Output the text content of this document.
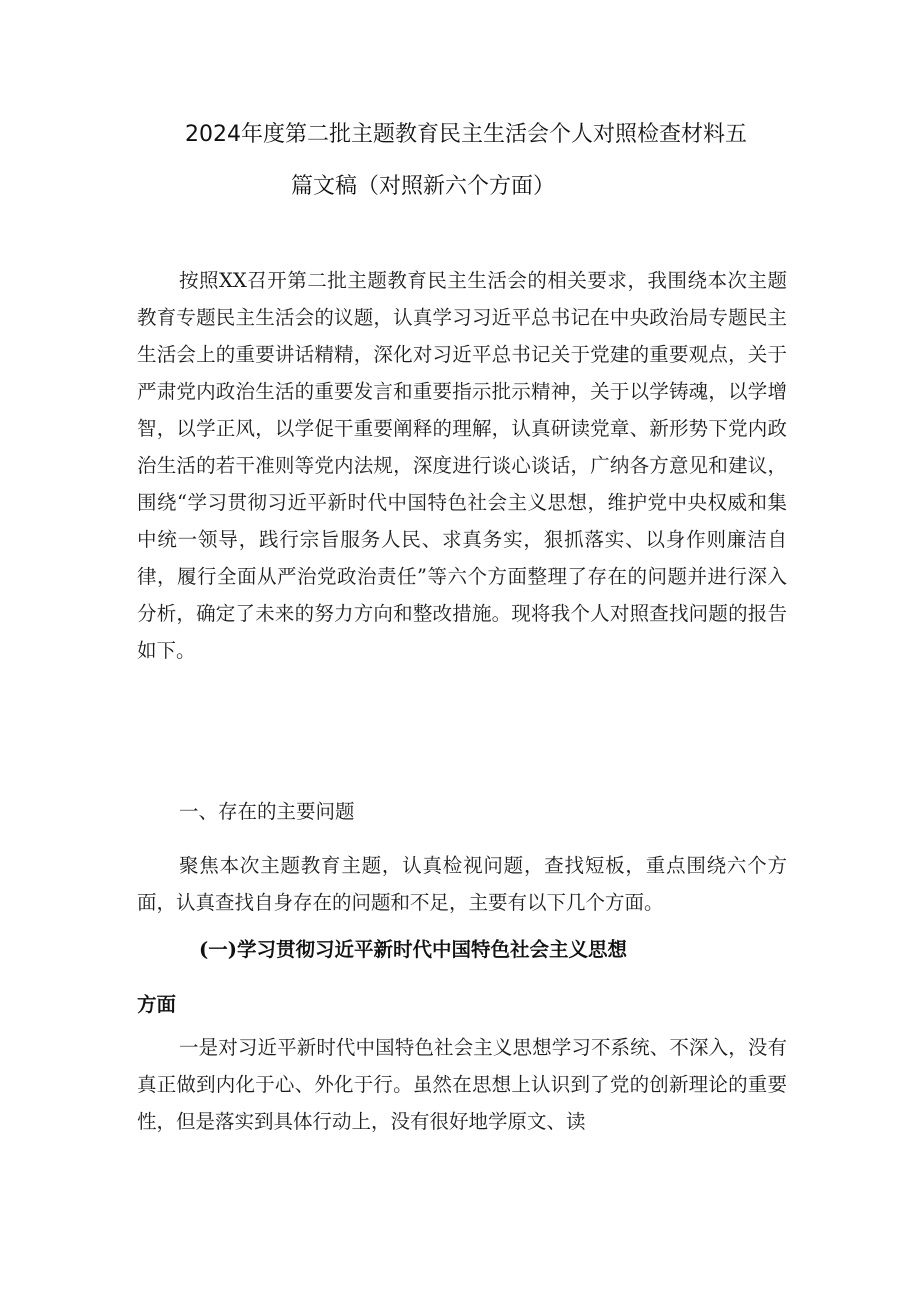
2024年度第二批主题教育民主生活会个人对照检查材料五
篇文稿（对照新六个方面）

按照XX召开第二批主题教育民主生活会的相关要求，我围绕本次主题教育专题民主生活会的议题，认真学习习近平总书记在中央政治局专题民主生活会上的重要讲话精精，深化对习近平总书记关于党建的重要观点，关于严肃党内政治生活的重要发言和重要指示批示精神，关于以学铸魂，以学增智，以学正风，以学促干重要阐释的理解，认真研读党章、新形势下党内政治生活的若干准则等党内法规，深度进行谈心谈话，广纳各方意见和建议，围绕“学习贯彻习近平新时代中国特色社会主义思想，维护党中央权威和集中统一领导，践行宗旨服务人民、求真务实，狠抓落实、以身作则廉洁自律，履行全面从严治党政治责任”等六个方面整理了存在的问题并进行深入分析，确定了未来的努力方向和整改措施。现将我个人对照查找问题的报告如下。

一、存在的主要问题

聚焦本次主题教育主题，认真检视问题，查找短板，重点围绕六个方面，认真查找自身存在的问题和不足，主要有以下几个方面。

(一)学习贯彻习近平新时代中国特色社会主义思想
方面

一是对习近平新时代中国特色社会主义思想学习不系统、不深入，没有真正做到内化于心、外化于行。虽然在思想上认识到了党的创新理论的重要性，但是落实到具体行动上，没有很好地学原文、读
